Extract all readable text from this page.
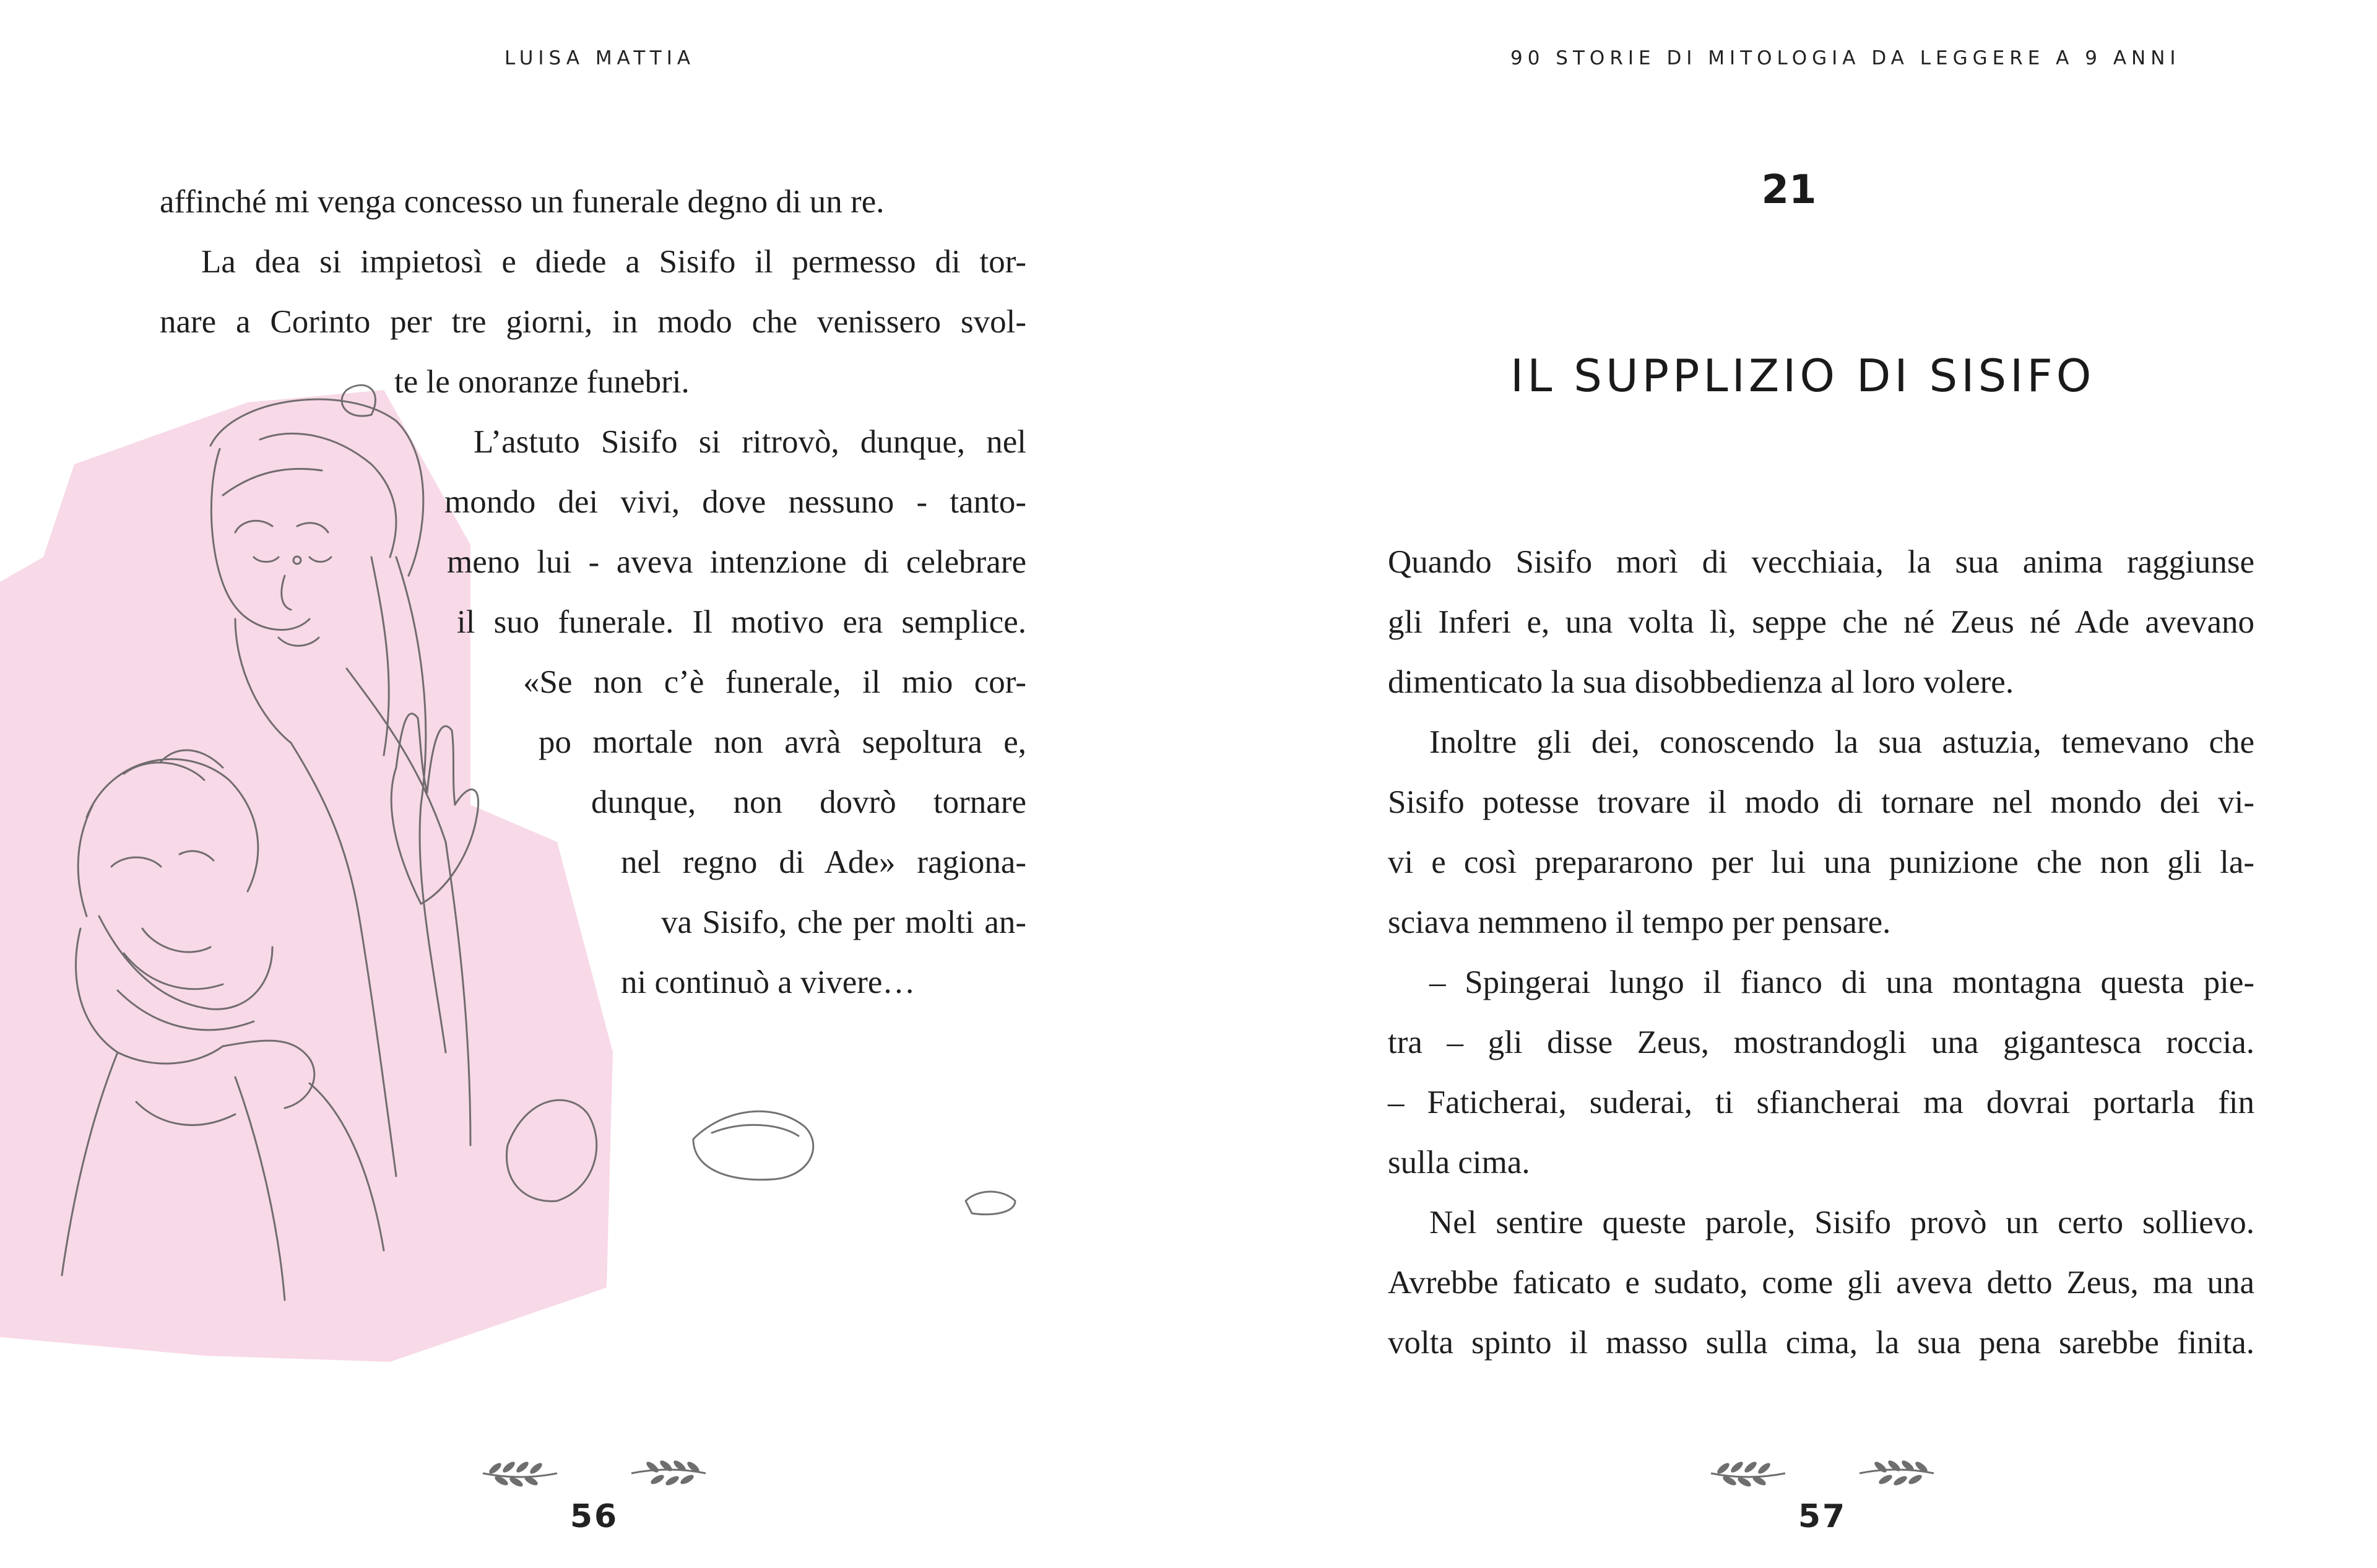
LUISA MATTIA
affinché mi venga concesso un funerale degno di un re.
La dea si impietosì e diede a Sisifo il permesso di tor-
nare a Corinto per tre giorni, in modo che venissero svol-
te le onoranze funebri.
L’astuto Sisifo si ritrovò, dunque, nel
mondo dei vivi, dove nessuno - tanto-
meno lui - aveva intenzione di celebrare
il suo funerale. Il motivo era semplice.
«Se non c’è funerale, il mio cor-
po mortale non avrà sepoltura e,
dunque, non dovrò tornare
nel regno di Ade» ragiona-
va Sisifo, che per molti an-
ni continuò a vivere…
56
90 STORIE DI MITOLOGIA DA LEGGERE A 9 ANNI
21
IL SUPPLIZIO DI SISIFO
Quando Sisifo morì di vecchiaia, la sua anima raggiunse
gli Inferi e, una volta lì, seppe che né Zeus né Ade avevano
dimenticato la sua disobbedienza al loro volere.
Inoltre gli dei, conoscendo la sua astuzia, temevano che
Sisifo potesse trovare il modo di tornare nel mondo dei vi-
vi e così prepararono per lui una punizione che non gli la-
sciava nemmeno il tempo per pensare.
– Spingerai lungo il fianco di una montagna questa pie-
tra – gli disse Zeus, mostrandogli una gigantesca roccia.
– Faticherai, suderai, ti sfiancherai ma dovrai portarla fin
sulla cima.
Nel sentire queste parole, Sisifo provò un certo sollievo.
Avrebbe faticato e sudato, come gli aveva detto Zeus, ma una
volta spinto il masso sulla cima, la sua pena sarebbe finita.
57
